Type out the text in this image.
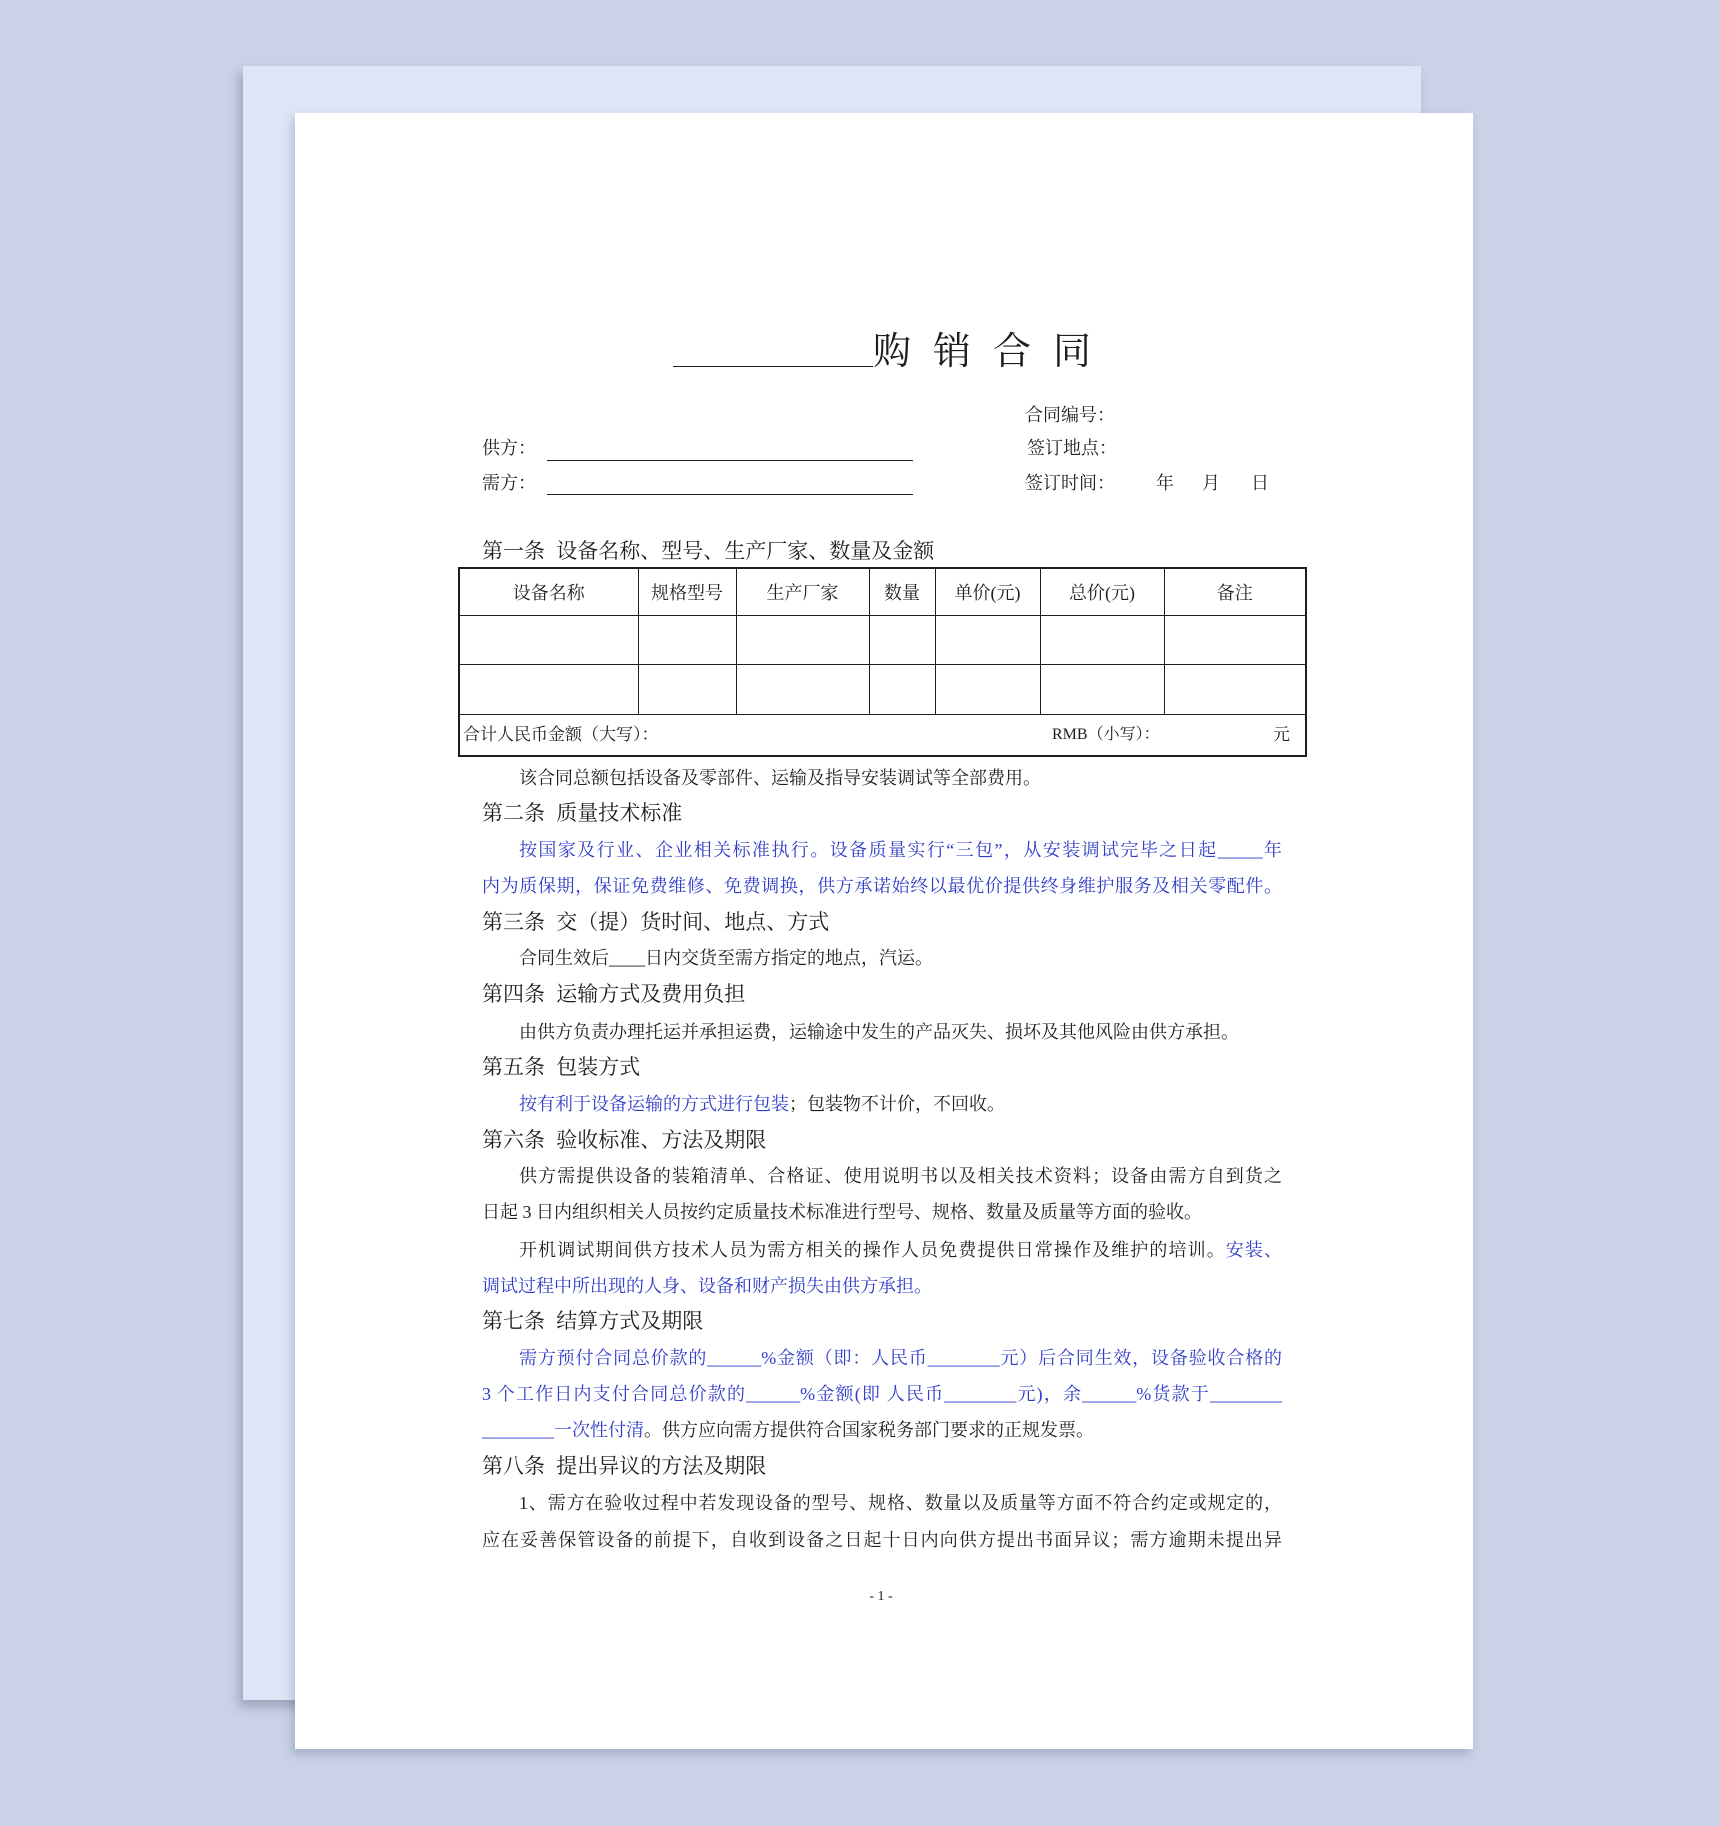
购销合同
合同编号：
供方：	签订地点：
需方：	签订时间： 年 月 日
第一条 设备名称、型号、生产厂家、数量及金额
设备名称	规格型号	生产厂家	数量	单价(元)	总价(元)	备注

合计人民币金额（大写）： RMB（小写）： 元						
该合同总额包括设备及零部件、运输及指导安装调试等全部费用。
第二条 质量技术标准
按国家及行业、企业相关标准执行。设备质量实行“三包”，从安装调试完毕之日起_____年
内为质保期，保证免费维修、免费调换，供方承诺始终以最优价提供终身维护服务及相关零配件。
第三条 交（提）货时间、地点、方式
合同生效后____日内交货至需方指定的地点，汽运。
第四条 运输方式及费用负担
由供方负责办理托运并承担运费，运输途中发生的产品灭失、损坏及其他风险由供方承担。
第五条 包装方式
按有利于设备运输的方式进行包装；包装物不计价，不回收。
第六条 验收标准、方法及期限
供方需提供设备的装箱清单、合格证、使用说明书以及相关技术资料；设备由需方自到货之
日起 3 日内组织相关人员按约定质量技术标准进行型号、规格、数量及质量等方面的验收。
开机调试期间供方技术人员为需方相关的操作人员免费提供日常操作及维护的培训。安装、
调试过程中所出现的人身、设备和财产损失由供方承担。
第七条 结算方式及期限
需方预付合同总价款的______%金额（即：人民币________元）后合同生效，设备验收合格的
3 个工作日内支付合同总价款的______%金额(即 人民币________元)，余______%货款于________
________一次性付清。供方应向需方提供符合国家税务部门要求的正规发票。
第八条 提出异议的方法及期限
1、需方在验收过程中若发现设备的型号、规格、数量以及质量等方面不符合约定或规定的，
应在妥善保管设备的前提下，自收到设备之日起十日内向供方提出书面异议；需方逾期未提出异
- 1 -
